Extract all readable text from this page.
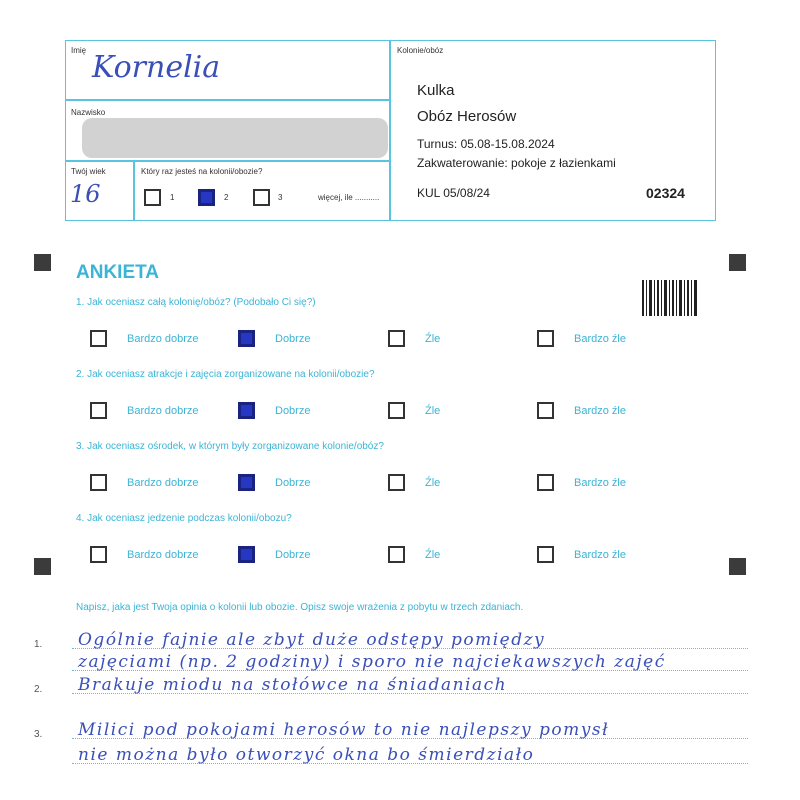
Imię Kornelia
Nazwisko
Twój wiek
16
Który raz jesteś na kolonii/obozie?
1	2	3	więcej, ile ...........
Kolonie/obóz
Kulka
Obóz Herosów
Turnus: 05.08-15.08.2024
Zakwaterowanie: pokoje z łazienkami
KUL 05/08/24	02324
ANKIETA
1. Jak oceniasz całą kolonię/obóz? (Podobało Ci się?)
Bardzo dobrze	Dobrze	Źle	Bardzo źle
2. Jak oceniasz atrakcje i zajęcia zorganizowane na kolonii/obozie?
Bardzo dobrze	Dobrze	Źle	Bardzo źle
3. Jak oceniasz ośrodek, w którym były zorganizowane kolonie/obóz?
Bardzo dobrze	Dobrze	Źle	Bardzo źle
4. Jak oceniasz jedzenie podczas kolonii/obozu?
Bardzo dobrze	Dobrze	Źle	Bardzo źle
Napisz, jaka jest Twoja opinia o kolonii lub obozie. Opisz swoje wrażenia z pobytu w trzech zdaniach.
Ogólnie fajnie ale zbyt duże odstępy pomiędzy
zajęciami (np. 2 godziny) i sporo nie najciekawszych zajęć
Brakuje miodu na stołówce na śniadaniach
Milici pod pokojami herosów to nie najlepszy pomysł
nie można było otworzyć okna bo śmierdziało
1.
2.
3.
